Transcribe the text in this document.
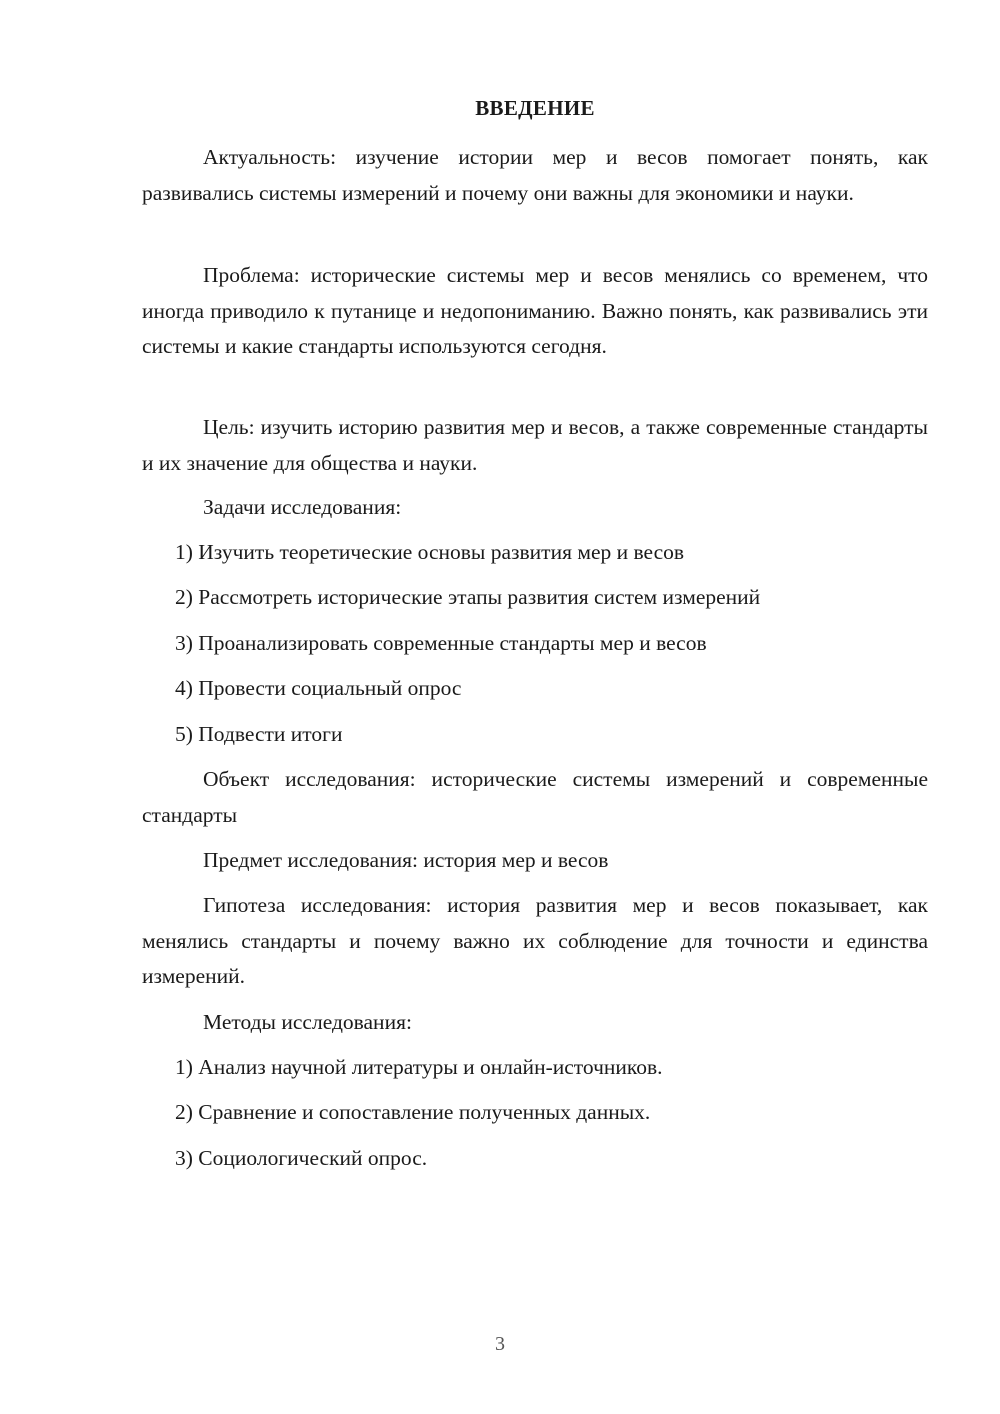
ВВЕДЕНИЕ

Актуальность: изучение истории мер и весов помогает понять, как развивались системы измерений и почему они важны для экономики и науки.

Проблема: исторические системы мер и весов менялись со временем, что иногда приводило к путанице и недопониманию. Важно понять, как развивались эти системы и какие стандарты используются сегодня.

Цель: изучить историю развития мер и весов, а также современные стандарты и их значение для общества и науки.

Задачи исследования:

1) Изучить теоретические основы развития мер и весов

2) Рассмотреть исторические этапы развития систем измерений

3) Проанализировать современные стандарты мер и весов

4) Провести социальный опрос

5) Подвести итоги

Объект исследования: исторические системы измерений и современные стандарты

Предмет исследования: история мер и весов

Гипотеза исследования: история развития мер и весов показывает, как менялись стандарты и почему важно их соблюдение для точности и единства измерений.

Методы исследования:

1) Анализ научной литературы и онлайн-источников.

2) Сравнение и сопоставление полученных данных.

3) Социологический опрос.

3
